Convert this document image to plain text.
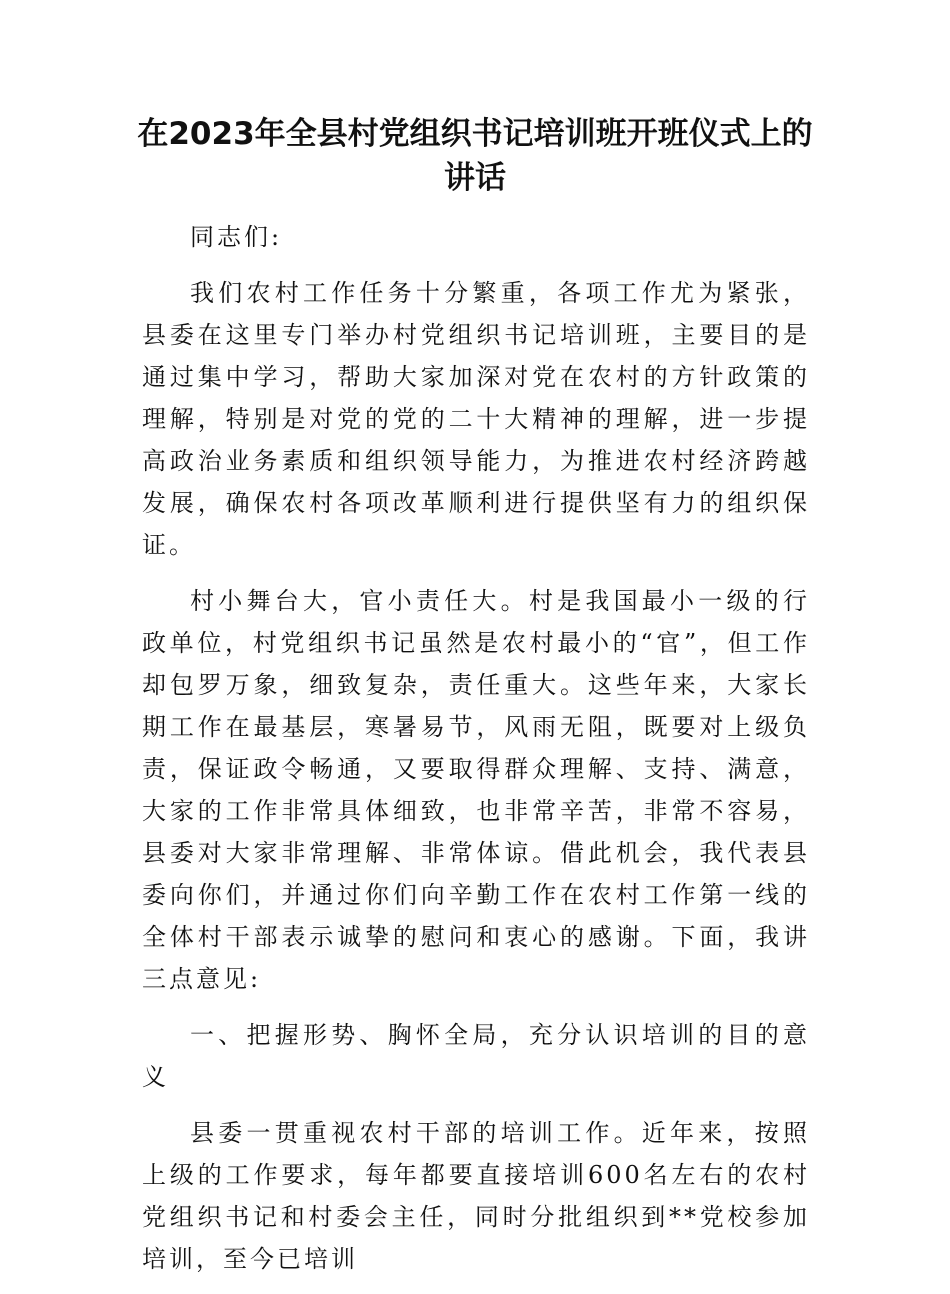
在2023年全县村党组织书记培训班开班仪式上的讲话

同志们:

我们农村工作任务十分繁重，各项工作尤为紧张，县委在这里专门举办村党组织书记培训班，主要目的是通过集中学习，帮助大家加深对党在农村的方针政策的理解，特别是对党的党的二十大精神的理解，进一步提高政治业务素质和组织领导能力，为推进农村经济跨越发展，确保农村各项改革顺利进行提供坚有力的组织保证。

村小舞台大，官小责任大。村是我国最小一级的行政单位，村党组织书记虽然是农村最小的“官”，但工作却包罗万象，细致复杂，责任重大。这些年来，大家长期工作在最基层，寒暑易节，风雨无阻，既要对上级负责，保证政令畅通，又要取得群众理解、支持、满意，大家的工作非常具体细致，也非常辛苦，非常不容易，县委对大家非常理解、非常体谅。借此机会，我代表县委向你们，并通过你们向辛勤工作在农村工作第一线的全体村干部表示诚挚的慰问和衷心的感谢。下面，我讲三点意见:

一、把握形势、胸怀全局，充分认识培训的目的意义

县委一贯重视农村干部的培训工作。近年来，按照上级的工作要求，每年都要直接培训600名左右的农村党组织书记和村委会主任，同时分批组织到**党校参加培训，至今已培训
